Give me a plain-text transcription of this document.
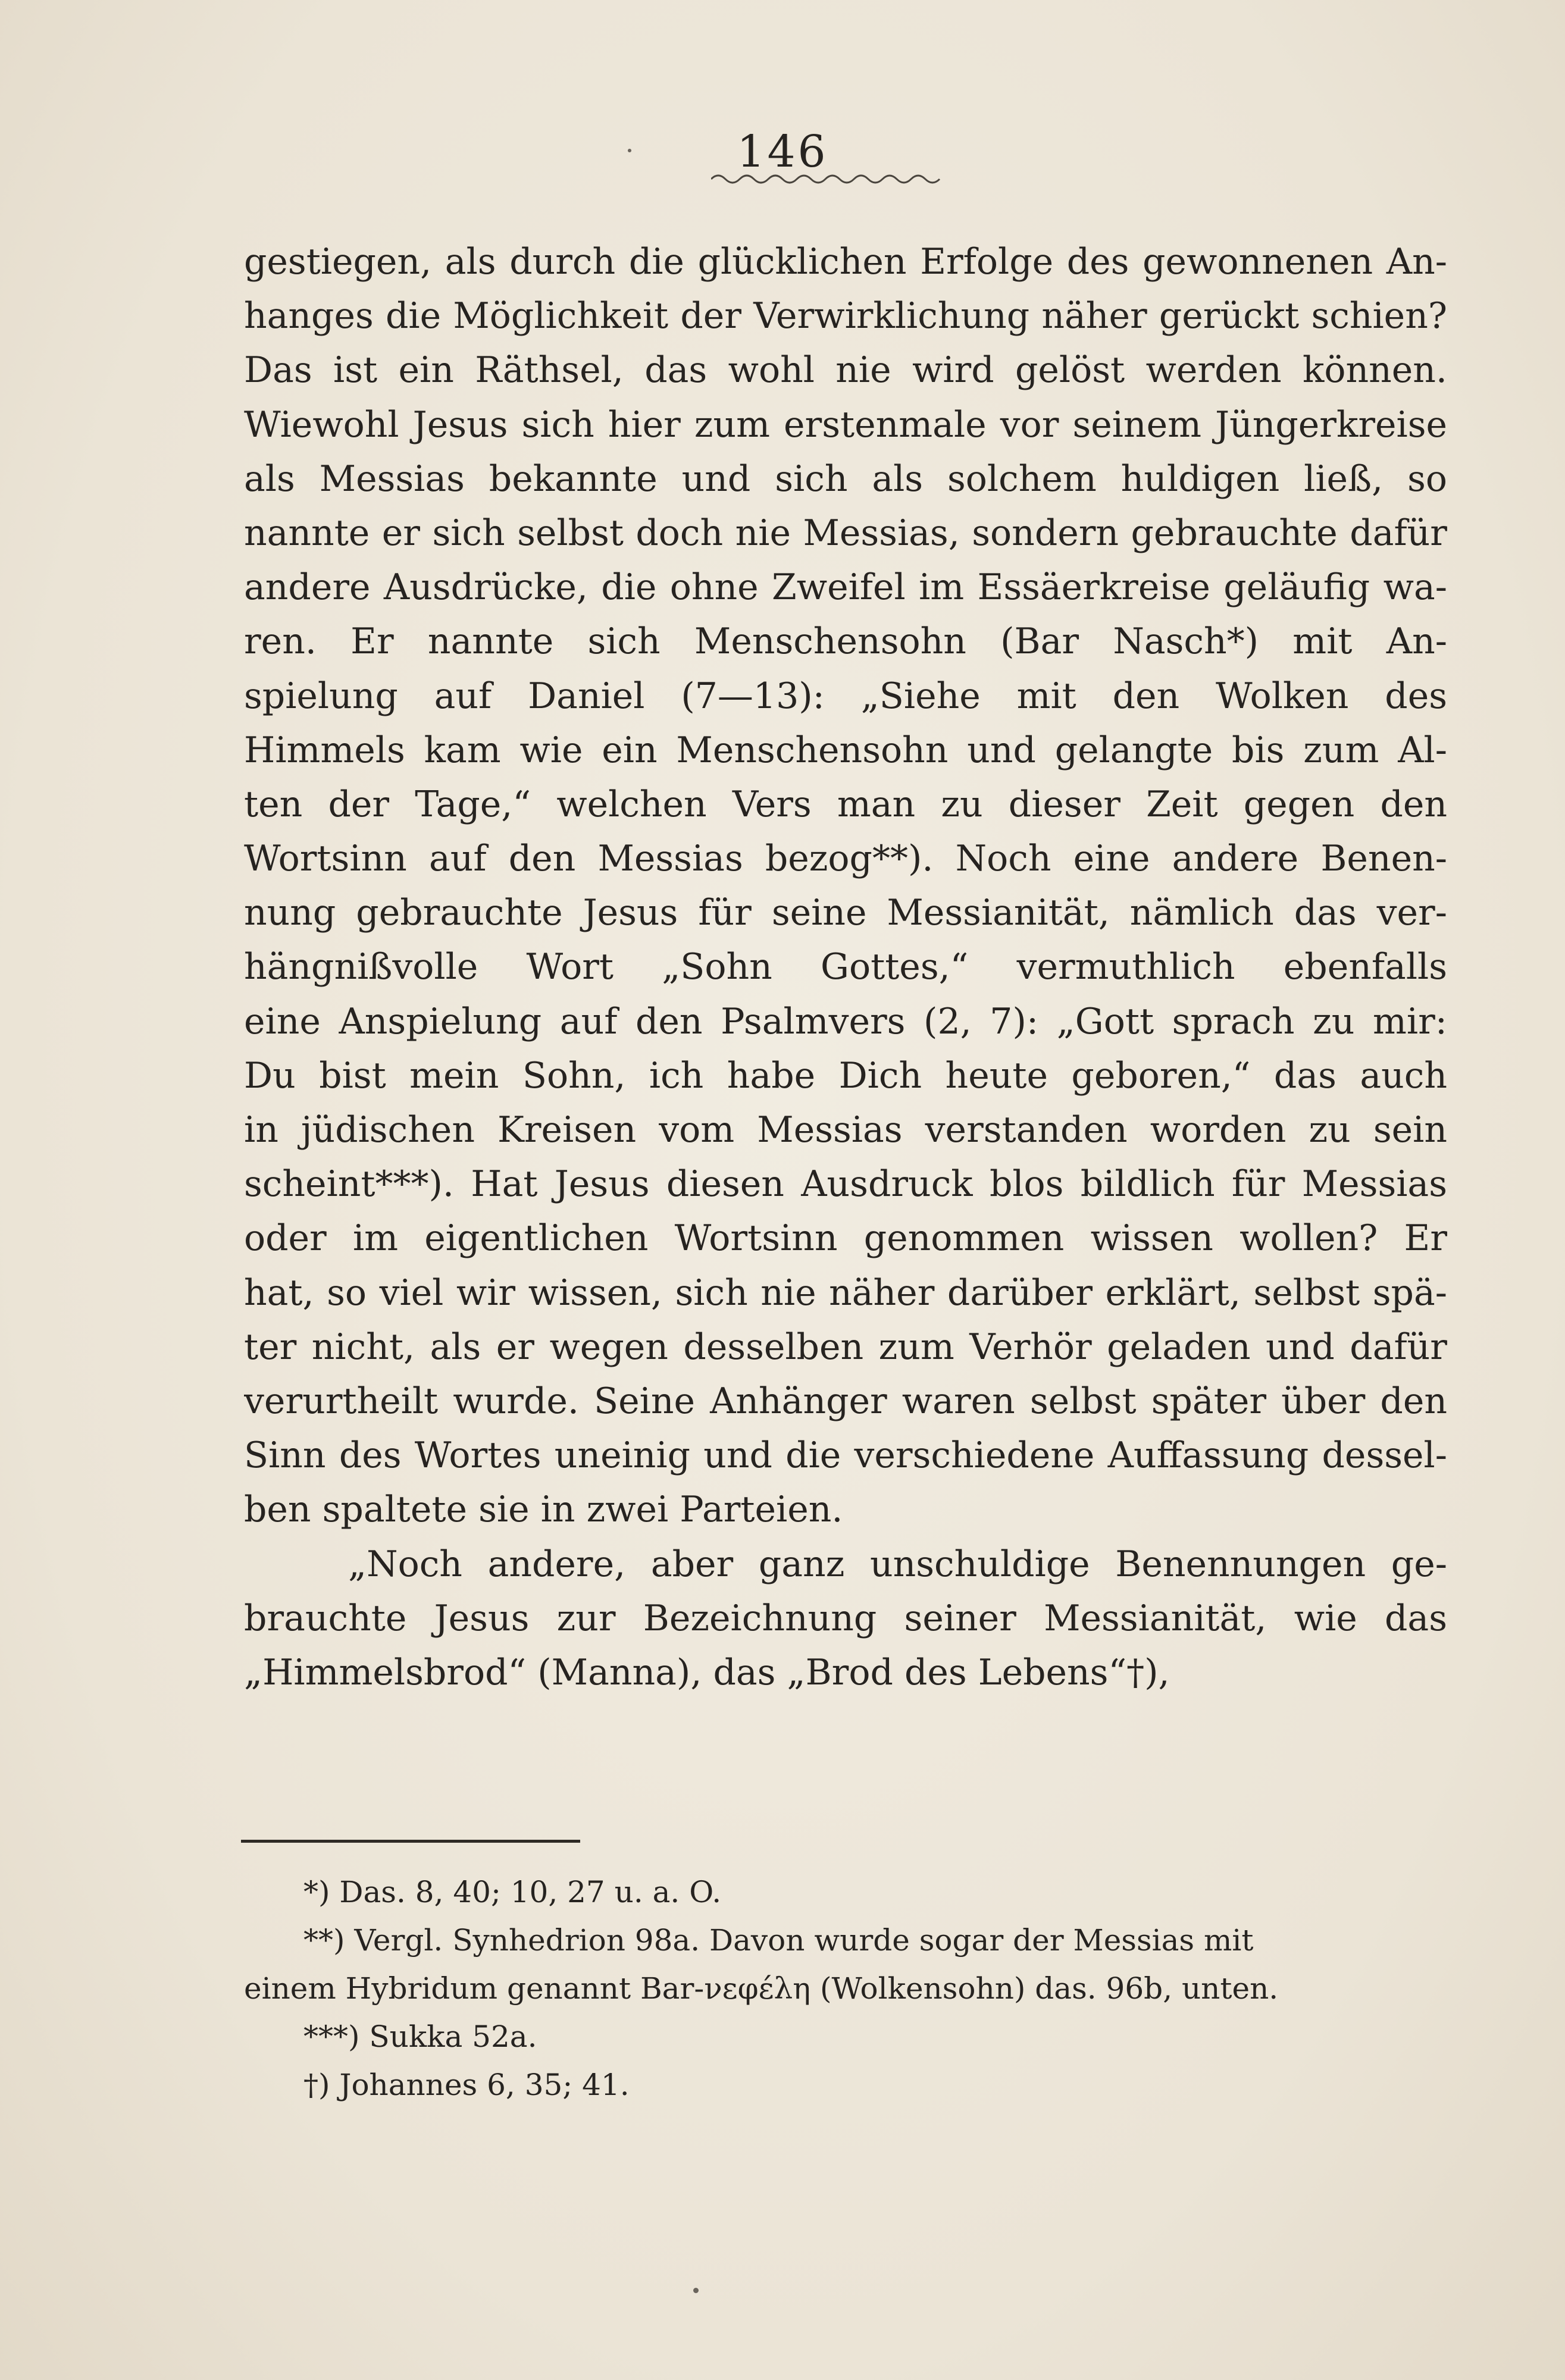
146
gestiegen, als durch die glücklichen Erfolge des gewonnenen An-
hanges die Möglichkeit der Verwirklichung näher gerückt schien?
Das ist ein Räthsel, das wohl nie wird gelöst werden können.
Wiewohl Jesus sich hier zum erstenmale vor seinem Jüngerkreise
als Messias bekannte und sich als solchem huldigen ließ, so
nannte er sich selbst doch nie Messias, sondern gebrauchte dafür
andere Ausdrücke, die ohne Zweifel im Essäerkreise geläufig wa-
ren. Er nannte sich Menschensohn (Bar Nasch*) mit An-
spielung auf Daniel (7—13): „Siehe mit den Wolken des
Himmels kam wie ein Menschensohn und gelangte bis zum Al-
ten der Tage,“ welchen Vers man zu dieser Zeit gegen den
Wortsinn auf den Messias bezog**). Noch eine andere Benen-
nung gebrauchte Jesus für seine Messianität, nämlich das ver-
hängnißvolle Wort „Sohn Gottes,“ vermuthlich ebenfalls
eine Anspielung auf den Psalmvers (2, 7): „Gott sprach zu mir:
Du bist mein Sohn, ich habe Dich heute geboren,“ das auch
in jüdischen Kreisen vom Messias verstanden worden zu sein
scheint***). Hat Jesus diesen Ausdruck blos bildlich für Messias
oder im eigentlichen Wortsinn genommen wissen wollen? Er
hat, so viel wir wissen, sich nie näher darüber erklärt, selbst spä-
ter nicht, als er wegen desselben zum Verhör geladen und dafür
verurtheilt wurde. Seine Anhänger waren selbst später über den
Sinn des Wortes uneinig und die verschiedene Auffassung dessel-
ben spaltete sie in zwei Parteien.
„Noch andere, aber ganz unschuldige Benennungen ge-
brauchte Jesus zur Bezeichnung seiner Messianität, wie das
„Himmelsbrod“ (Manna), das „Brod des Lebens“†),
*) Das. 8, 40; 10, 27 u. a. O.
**) Vergl. Synhedrion 98a. Davon wurde sogar der Messias mit
einem Hybridum genannt Bar-νεφέλη (Wolkensohn) das. 96b, unten.
***) Sukka 52a.
†) Johannes 6, 35; 41.
